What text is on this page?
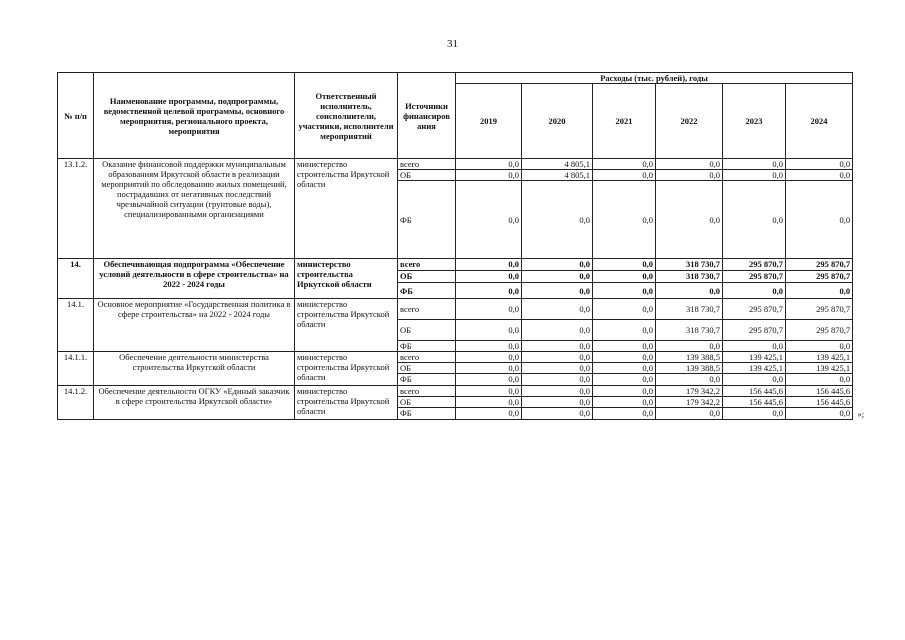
31
№ п/п	Наименование программы, подпрограммы, ведомственной целевой программы, основного мероприятия, регионального проекта, мероприятия	Ответственный исполнитель, соисполнители, участники, исполнители мероприятий	Источники финансиров ания	Расходы (тыс. рублей), годы					
				2019	2020	2021	2022	2023	2024
13.1.2.	Оказание финансовой поддержки муниципальным образованиям Иркутской области в реализации мероприятий по обследованию жилых помещений, пострадавших от негативных последствий чрезвычайной ситуации (грунтовые воды), специализированными организациями	министерство строительства Иркутской области	всего	0,0	4 805,1	0,0	0,0	0,0	0,0
			ОБ	0,0	4 805,1	0,0	0,0	0,0	0,0
			ФБ	0,0	0,0	0,0	0,0	0,0	0,0
14.	Обеспечивающая подпрограмма «Обеспечение условий деятельности в сфере строительства» на 2022 - 2024 годы	министерство строительства Иркутской области	всего	0,0	0,0	0,0	318 730,7	295 870,7	295 870,7
			ОБ	0,0	0,0	0,0	318 730,7	295 870,7	295 870,7
			ФБ	0,0	0,0	0,0	0,0	0,0	0,0
14.1.	Основное мероприятие «Государственная политика в сфере строительства» на 2022 - 2024 годы	министерство строительства Иркутской области	всего	0,0	0,0	0,0	318 730,7	295 870,7	295 870,7
			ОБ	0,0	0,0	0,0	318 730,7	295 870,7	295 870,7
			ФБ	0,0	0,0	0,0	0,0	0,0	0,0
14.1.1.	Обеспечение деятельности министерства строительства Иркутской области	министерство строительства Иркутской области	всего	0,0	0,0	0,0	139 388,5	139 425,1	139 425,1
			ОБ	0,0	0,0	0,0	139 388,5	139 425,1	139 425,1
			ФБ	0,0	0,0	0,0	0,0	0,0	0,0
14.1.2.	Обеспечение деятельности ОГКУ «Единый заказчик в сфере строительства Иркутской области»	министерство строительства Иркутской области	всего	0,0	0,0	0,0	179 342,2	156 445,6	156 445,6
			ОБ	0,0	0,0	0,0	179 342,2	156 445,6	156 445,6
			ФБ	0,0	0,0	0,0	0,0	0,0	0,0 »;
